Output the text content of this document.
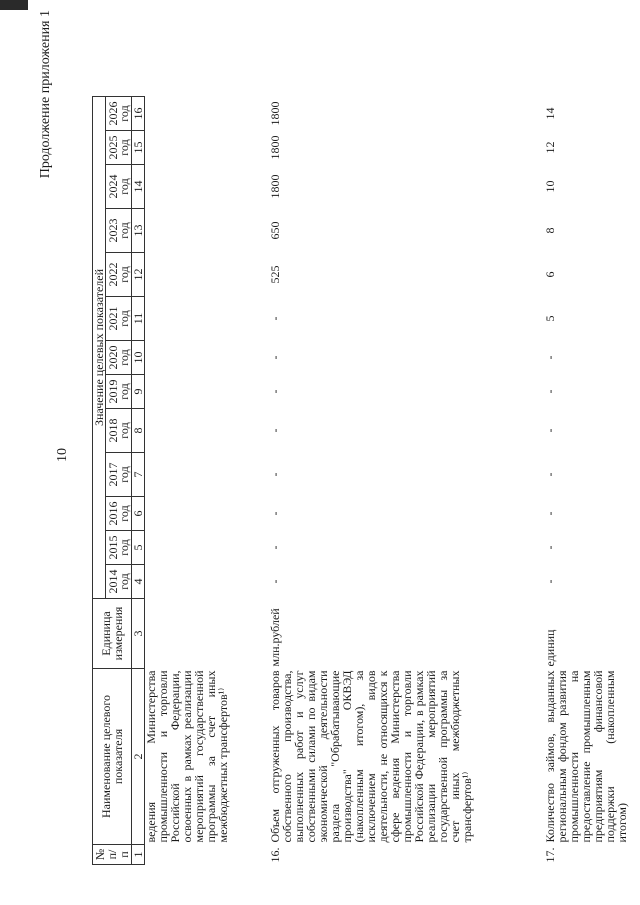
10
Продолжение приложения 1
№ п/п	Наименование целевого показателя	Единица измерения	Значение целевых показателей												
			2014 год	2015 год	2016 год	2017 год	2018 год	2019 год	2020 год	2021 год	2022 год	2023 год	2024 год	2025 год	2026 год
1	2	3	4	5	6	7	8	9	10	11	12	13	14	15	16
	ведения Министерства промышленности и торговли Российской Федерации, освоенных в рамках реализации мероприятий государственной программы за счет иных межбюджетных трансфертов¹⁾														
16.	Объем отгруженных товаров собственного производства, выполненных работ и услуг собственными силами по видам экономической деятельности раздела "Обрабатывающие производства" ОКВЭД (накопленным итогом), за исключением видов деятельности, не относящихся к сфере ведения Министерства промышленности и торговли Российской Федерации, в рамках реализации мероприятий государственной программы за счет иных межбюджетных трансфертов¹⁾	млн.рублей	-	-	-	-	-	-	-	-	525	650	1800	1800	1800
17.	Количество займов, выданных региональным фондом развития промышленности на предоставление промышленным предприятиям финансовой поддержки (накопленным итогом)	единиц	-	-	-	-	-	-	-	5	6	8	10	12	14
